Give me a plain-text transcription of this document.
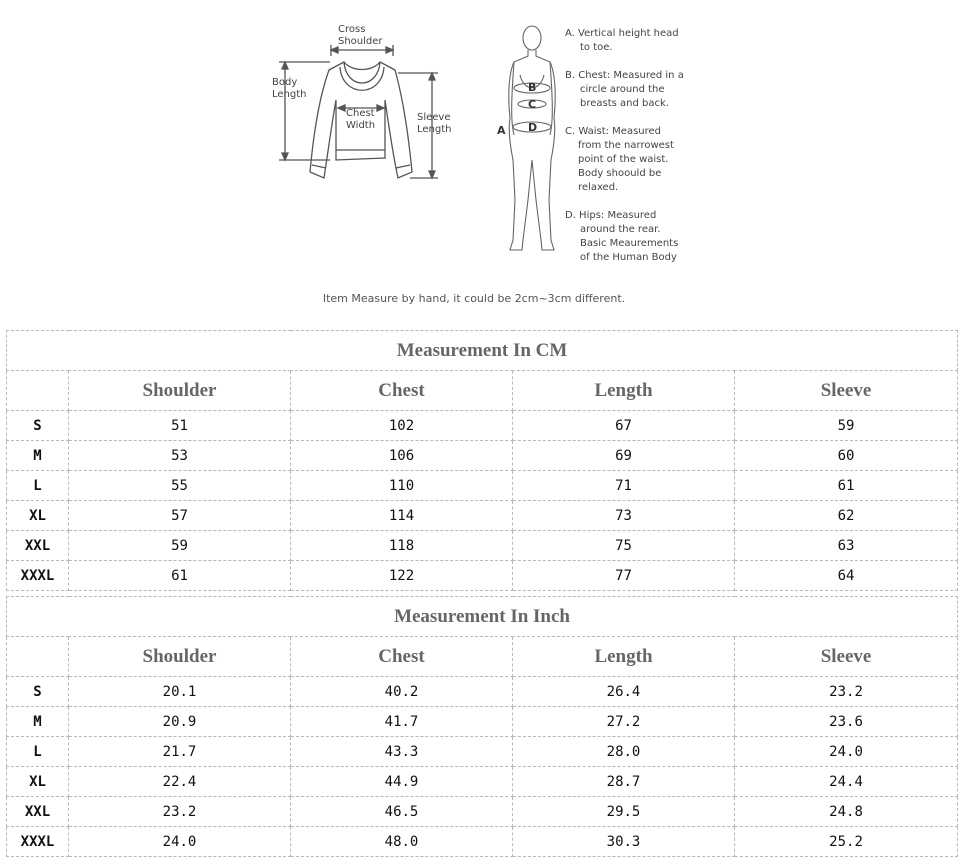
Cross
Shoulder
Body
Length
Chest
Width
Sleeve
Length	A
B
C
D
A. Vertical height head
to toe.
B. Chest: Measured in a
circle around the
breasts and back.
C. Waist: Measured
from the narrowest
point of the waist.
Body shoould be
relaxed.
D. Hips: Measured
around the rear.
Basic Meaurements
of the Human Body
Item Measure by hand, it could be 2cm~3cm different.
Measurement In CM				
	Shoulder	Chest	Length	Sleeve
S	51	102	67	59
M	53	106	69	60
L	55	110	71	61
XL	57	114	73	62
XXL	59	118	75	63
XXXL	61	122	77	64
Measurement In Inch				
	Shoulder	Chest	Length	Sleeve
S	20.1	40.2	26.4	23.2
M	20.9	41.7	27.2	23.6
L	21.7	43.3	28.0	24.0
XL	22.4	44.9	28.7	24.4
XXL	23.2	46.5	29.5	24.8
XXXL	24.0	48.0	30.3	25.2
